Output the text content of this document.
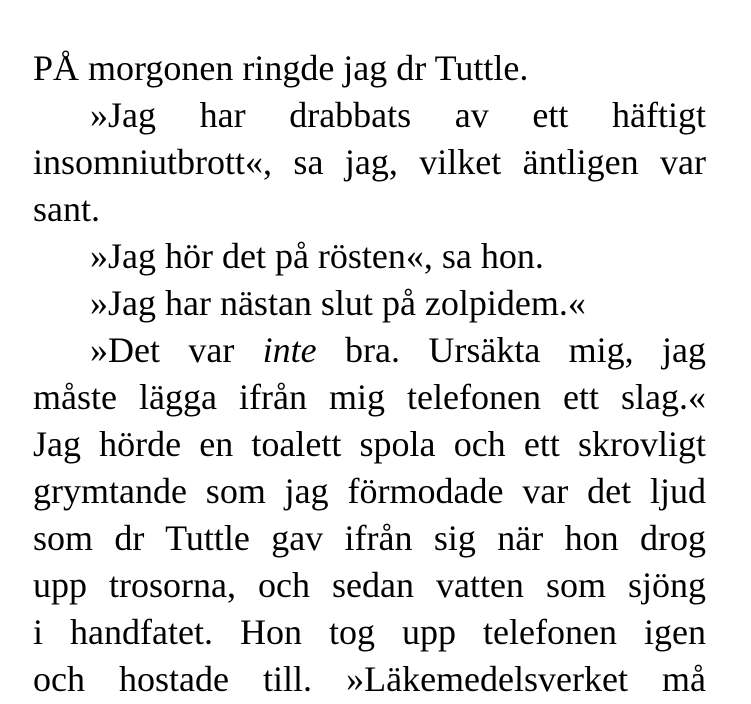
PÅ morgonen ringde jag dr Tuttle.
»Jag har drabbats av ett häftigt
insomniutbrott«, sa jag, vilket äntligen var
sant.
»Jag hör det på rösten«, sa hon.
»Jag har nästan slut på zolpidem.«
»Det var inte bra. Ursäkta mig, jag
måste lägga ifrån mig telefonen ett slag.«
Jag hörde en toalett spola och ett skrovligt
grymtande som jag förmodade var det ljud
som dr Tuttle gav ifrån sig när hon drog
upp trosorna, och sedan vatten som sjöng
i handfatet. Hon tog upp telefonen igen
och hostade till. »Läkemedelsverket må
